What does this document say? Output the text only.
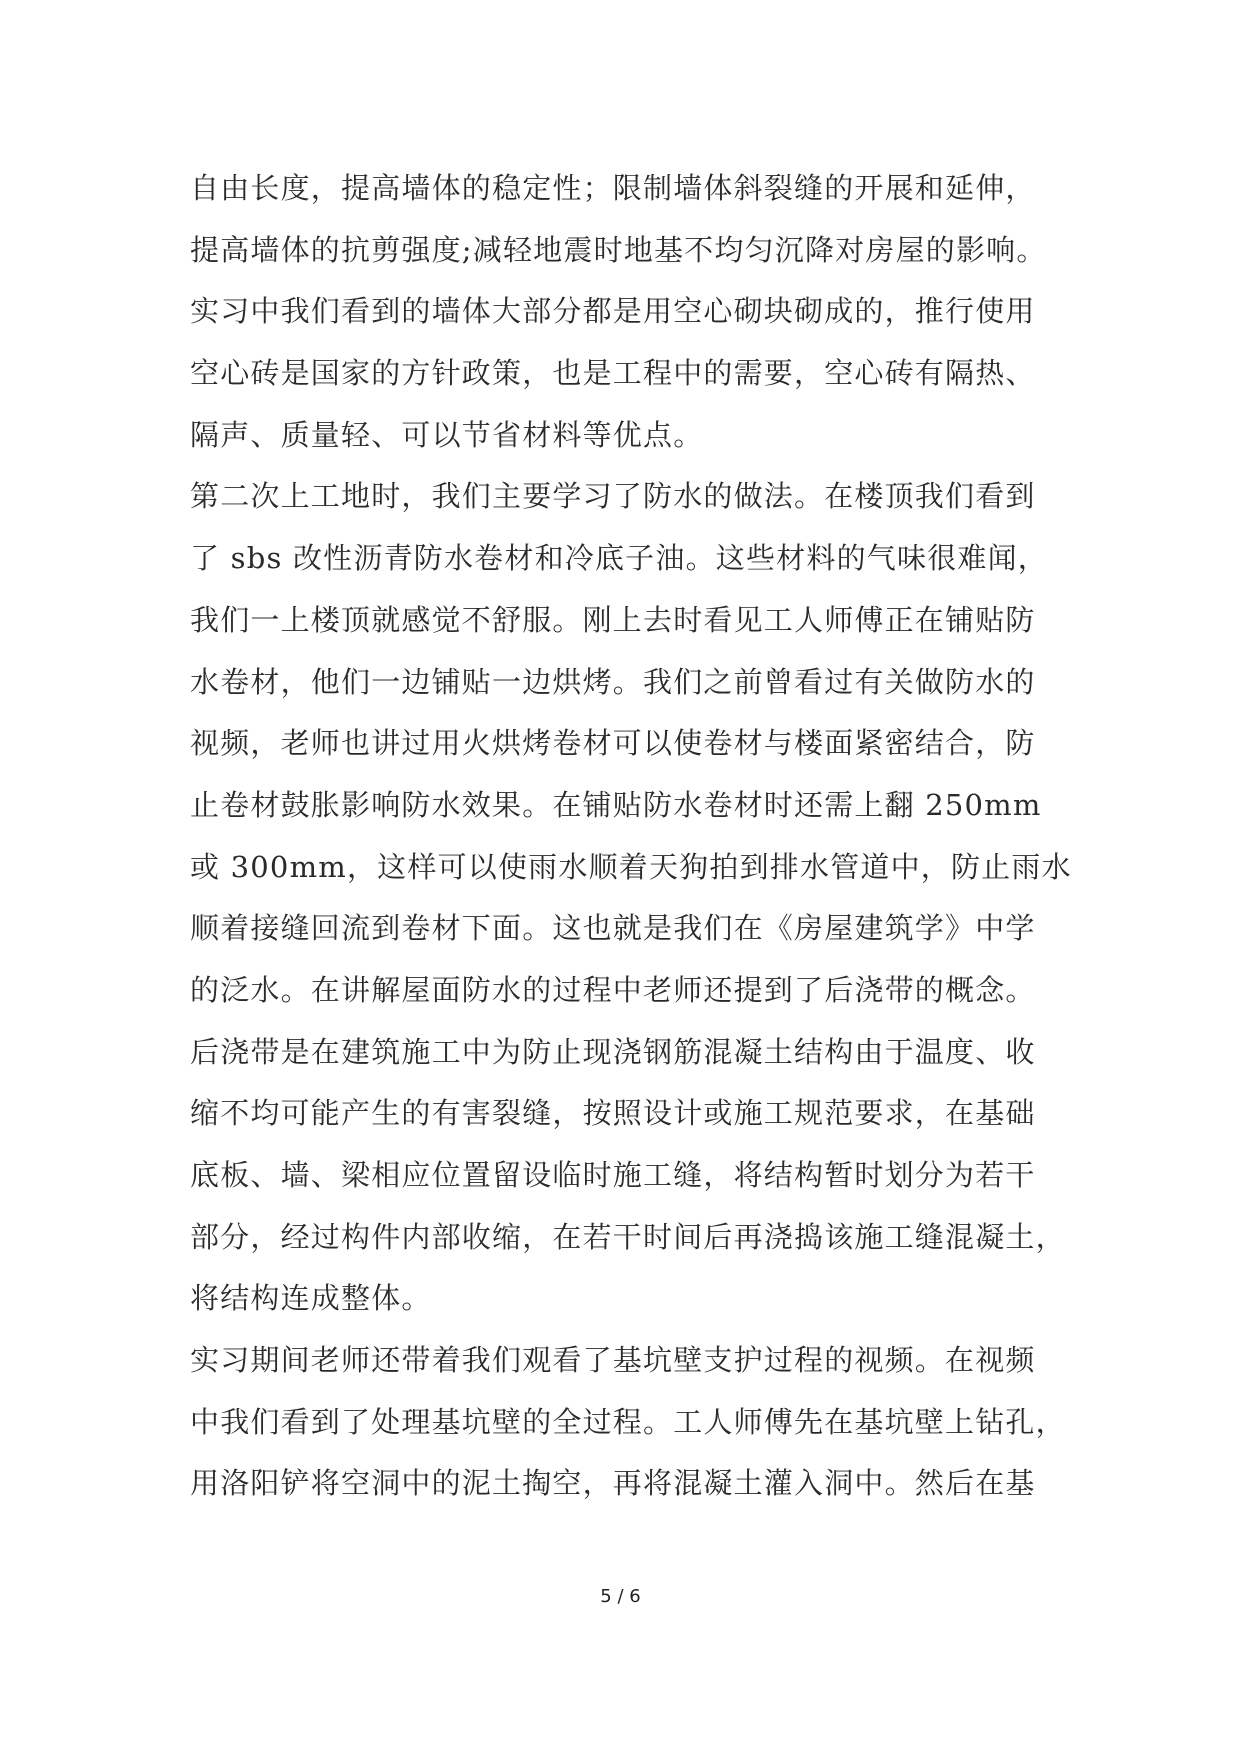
自由长度，提高墙体的稳定性；限制墙体斜裂缝的开展和延伸，
提高墙体的抗剪强度;减轻地震时地基不均匀沉降对房屋的影响。
实习中我们看到的墙体大部分都是用空心砌块砌成的，推行使用
空心砖是国家的方针政策，也是工程中的需要，空心砖有隔热、
隔声、质量轻、可以节省材料等优点。
第二次上工地时，我们主要学习了防水的做法。在楼顶我们看到
了 sbs 改性沥青防水卷材和冷底子油。这些材料的气味很难闻，
我们一上楼顶就感觉不舒服。刚上去时看见工人师傅正在铺贴防
水卷材，他们一边铺贴一边烘烤。我们之前曾看过有关做防水的
视频，老师也讲过用火烘烤卷材可以使卷材与楼面紧密结合，防
止卷材鼓胀影响防水效果。在铺贴防水卷材时还需上翻 250mm
或 300mm，这样可以使雨水顺着天狗拍到排水管道中，防止雨水
顺着接缝回流到卷材下面。这也就是我们在《房屋建筑学》中学
的泛水。在讲解屋面防水的过程中老师还提到了后浇带的概念。
后浇带是在建筑施工中为防止现浇钢筋混凝土结构由于温度、收
缩不均可能产生的有害裂缝，按照设计或施工规范要求，在基础
底板、墙、梁相应位置留设临时施工缝，将结构暂时划分为若干
部分，经过构件内部收缩，在若干时间后再浇捣该施工缝混凝土，
将结构连成整体。
实习期间老师还带着我们观看了基坑壁支护过程的视频。在视频
中我们看到了处理基坑壁的全过程。工人师傅先在基坑壁上钻孔，
用洛阳铲将空洞中的泥土掏空，再将混凝土灌入洞中。然后在基
5 / 6
